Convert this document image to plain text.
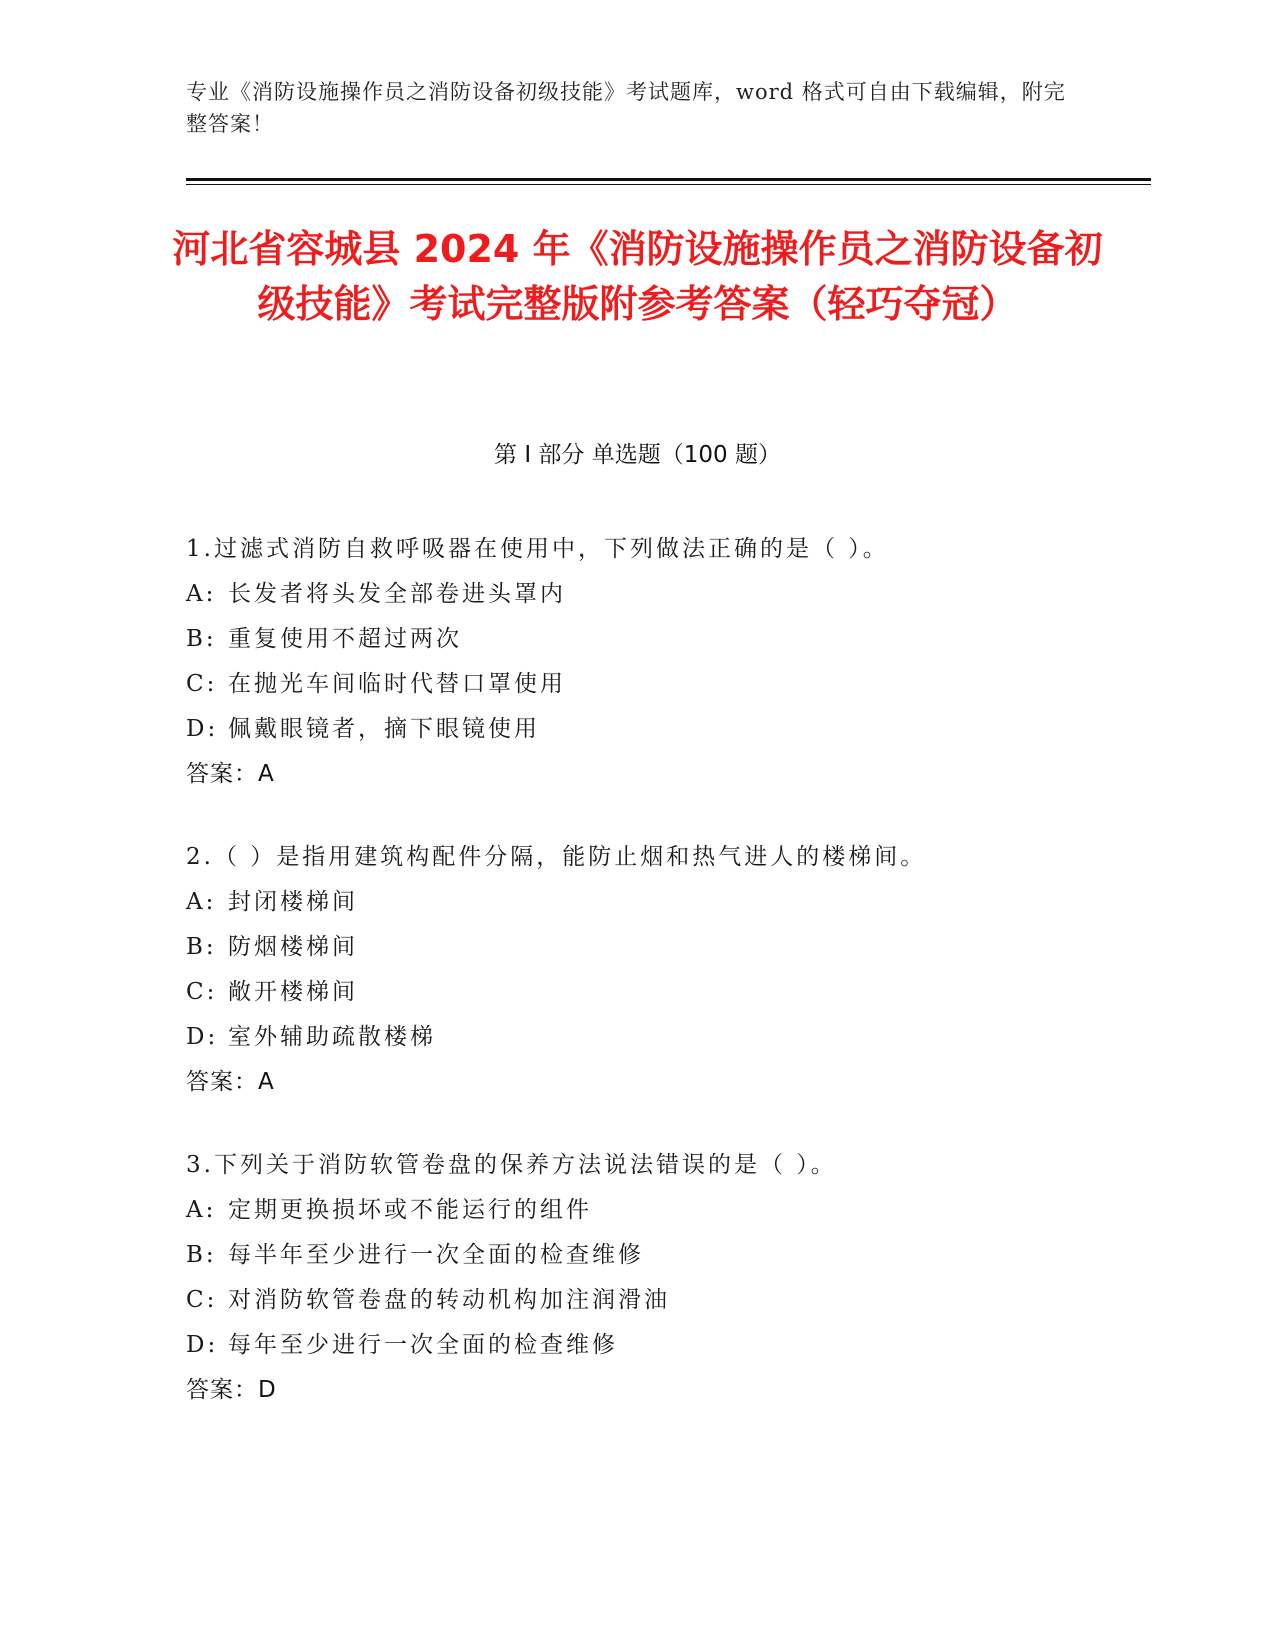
专业《消防设施操作员之消防设备初级技能》考试题库，word 格式可自由下载编辑，附完整答案！
河北省容城县 2024 年《消防设施操作员之消防设备初级技能》考试完整版附参考答案（轻巧夺冠）
第 I 部分 单选题（100 题）
1.过滤式消防自救呼吸器在使用中，下列做法正确的是（ ）。
A: 长发者将头发全部卷进头罩内
B: 重复使用不超过两次
C: 在抛光车间临时代替口罩使用
D: 佩戴眼镜者，摘下眼镜使用
答案：A
2.（ ）是指用建筑构配件分隔，能防止烟和热气进人的楼梯间。
A: 封闭楼梯间
B: 防烟楼梯间
C: 敞开楼梯间
D: 室外辅助疏散楼梯
答案：A
3.下列关于消防软管卷盘的保养方法说法错误的是（ ）。
A: 定期更换损坏或不能运行的组件
B: 每半年至少进行一次全面的检查维修
C: 对消防软管卷盘的转动机构加注润滑油
D: 每年至少进行一次全面的检查维修
答案：D
